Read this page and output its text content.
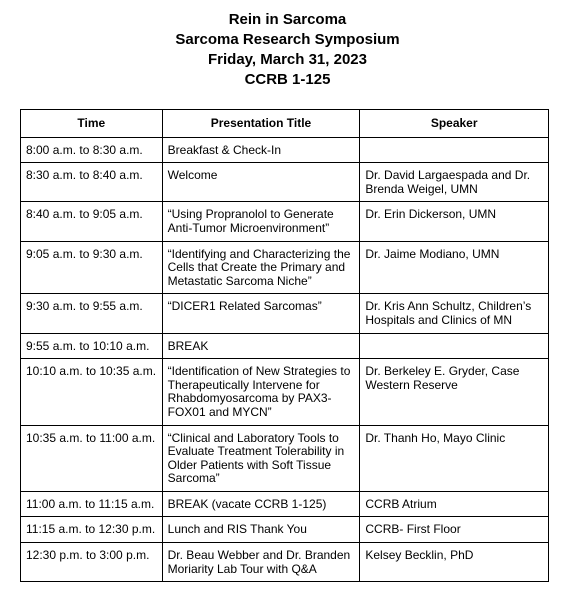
Rein in Sarcoma
Sarcoma Research Symposium
Friday, March 31, 2023
CCRB 1-125
Time	Presentation Title	Speaker
8:00 a.m. to 8:30 a.m.	Breakfast & Check-In	
8:30 a.m. to 8:40 a.m.	Welcome	Dr. David Largaespada and Dr. Brenda Weigel, UMN
8:40 a.m. to 9:05 a.m.	“Using Propranolol to Generate Anti-Tumor Microenvironment”	Dr. Erin Dickerson, UMN
9:05 a.m. to 9:30 a.m.	“Identifying and Characterizing the Cells that Create the Primary and Metastatic Sarcoma Niche”	Dr. Jaime Modiano, UMN
9:30 a.m. to 9:55 a.m.	“DICER1 Related Sarcomas”	Dr. Kris Ann Schultz, Children’s Hospitals and Clinics of MN
9:55 a.m. to 10:10 a.m.	BREAK	
10:10 a.m. to 10:35 a.m.	“Identification of New Strategies to Therapeutically Intervene for Rhabdomyosarcoma by PAX3-FOX01 and MYCN”	Dr. Berkeley E. Gryder, Case Western Reserve
10:35 a.m. to 11:00 a.m.	“Clinical and Laboratory Tools to Evaluate Treatment Tolerability in Older Patients with Soft Tissue Sarcoma”	Dr. Thanh Ho, Mayo Clinic
11:00 a.m. to 11:15 a.m.	BREAK (vacate CCRB 1-125)	CCRB Atrium
11:15 a.m. to 12:30 p.m.	Lunch and RIS Thank You	CCRB- First Floor
12:30 p.m. to 3:00 p.m.	Dr. Beau Webber and Dr. Branden Moriarity Lab Tour with Q&A	Kelsey Becklin, PhD
